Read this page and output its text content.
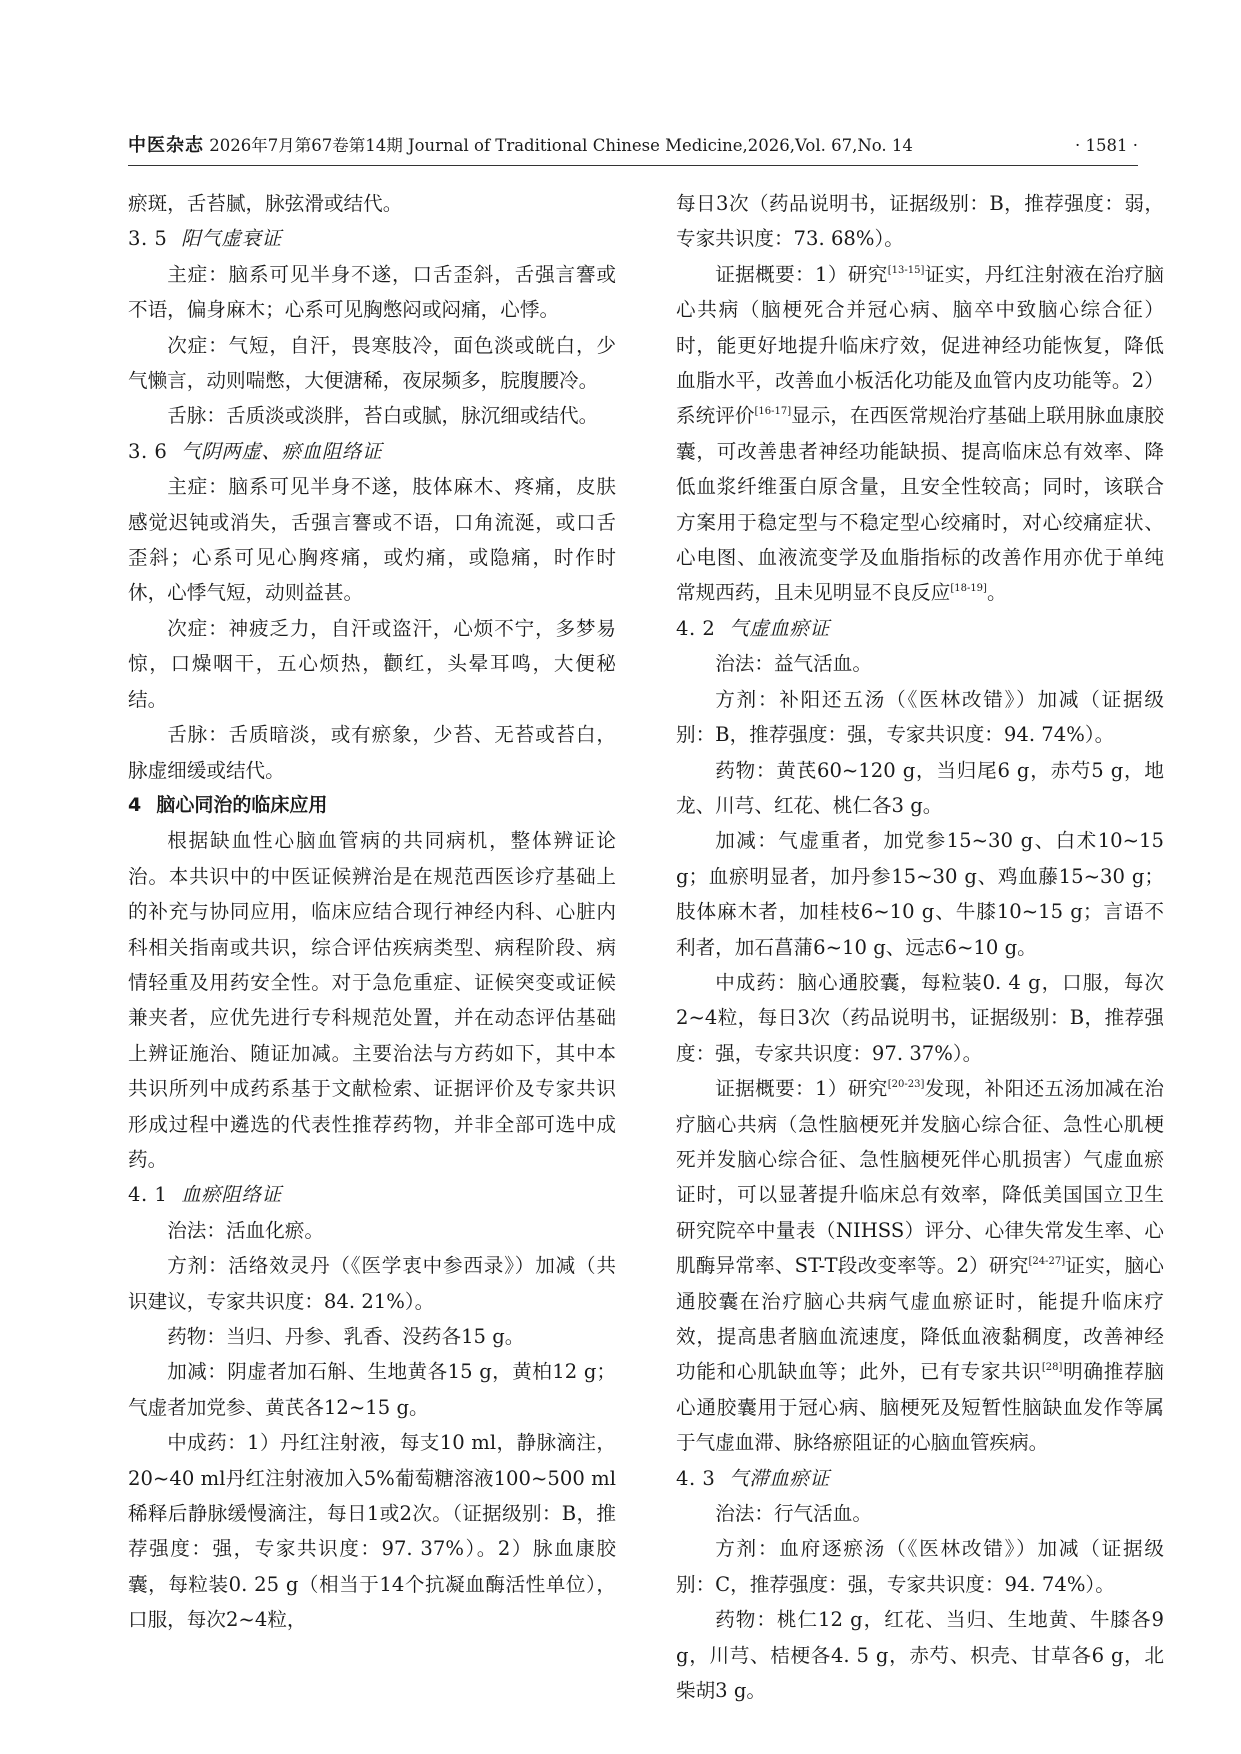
中医杂志 2026年7月第67卷第14期 Journal of Traditional Chinese Medicine,2026,Vol. 67,No. 14	· 1581 ·

瘀斑，舌苔腻，脉弦滑或结代。

3. 5 阳气虚衰证

主症：脑系可见半身不遂，口舌歪斜，舌强言謇或不语，偏身麻木；心系可见胸憋闷或闷痛，心悸。

次症：气短，自汗，畏寒肢冷，面色淡或㿠白，少气懒言，动则喘憋，大便溏稀，夜尿频多，脘腹腰冷。

舌脉：舌质淡或淡胖，苔白或腻，脉沉细或结代。

3. 6 气阴两虚、瘀血阻络证

主症：脑系可见半身不遂，肢体麻木、疼痛，皮肤感觉迟钝或消失，舌强言謇或不语，口角流涎，或口舌歪斜；心系可见心胸疼痛，或灼痛，或隐痛，时作时休，心悸气短，动则益甚。

次症：神疲乏力，自汗或盗汗，心烦不宁，多梦易惊，口燥咽干，五心烦热，颧红，头晕耳鸣，大便秘结。

舌脉：舌质暗淡，或有瘀象，少苔、无苔或苔白，脉虚细缓或结代。

4 脑心同治的临床应用

根据缺血性心脑血管病的共同病机，整体辨证论治。本共识中的中医证候辨治是在规范西医诊疗基础上的补充与协同应用，临床应结合现行神经内科、心脏内科相关指南或共识，综合评估疾病类型、病程阶段、病情轻重及用药安全性。对于急危重症、证候突变或证候兼夹者，应优先进行专科规范处置，并在动态评估基础上辨证施治、随证加减。主要治法与方药如下，其中本共识所列中成药系基于文献检索、证据评价及专家共识形成过程中遴选的代表性推荐药物，并非全部可选中成药。

4. 1 血瘀阻络证

治法：活血化瘀。

方剂：活络效灵丹（《医学衷中参西录》）加减（共识建议，专家共识度：84. 21%）。

药物：当归、丹参、乳香、没药各15 g。

加减：阴虚者加石斛、生地黄各15 g，黄柏12 g；气虚者加党参、黄芪各12~15 g。

中成药：1）丹红注射液，每支10 ml，静脉滴注，20~40 ml丹红注射液加入5%葡萄糖溶液100~500 ml稀释后静脉缓慢滴注，每日1或2次。（证据级别：B，推荐强度：强，专家共识度：97. 37%）。2）脉血康胶囊，每粒装0. 25 g（相当于14个抗凝血酶活性单位），口服，每次2~4粒，

每日3次（药品说明书，证据级别：B，推荐强度：弱，专家共识度：73. 68%）。

证据概要：1）研究[13-15]证实，丹红注射液在治疗脑心共病（脑梗死合并冠心病、脑卒中致脑心综合征）时，能更好地提升临床疗效，促进神经功能恢复，降低血脂水平，改善血小板活化功能及血管内皮功能等。2）系统评价[16-17]显示，在西医常规治疗基础上联用脉血康胶囊，可改善患者神经功能缺损、提高临床总有效率、降低血浆纤维蛋白原含量，且安全性较高；同时，该联合方案用于稳定型与不稳定型心绞痛时，对心绞痛症状、心电图、血液流变学及血脂指标的改善作用亦优于单纯常规西药，且未见明显不良反应[18-19]。

4. 2 气虚血瘀证

治法：益气活血。

方剂：补阳还五汤（《医林改错》）加减（证据级别：B，推荐强度：强，专家共识度：94. 74%）。

药物：黄芪60~120 g，当归尾6 g，赤芍5 g，地龙、川芎、红花、桃仁各3 g。

加减：气虚重者，加党参15~30 g、白术10~15 g；血瘀明显者，加丹参15~30 g、鸡血藤15~30 g；肢体麻木者，加桂枝6~10 g、牛膝10~15 g；言语不利者，加石菖蒲6~10 g、远志6~10 g。

中成药：脑心通胶囊，每粒装0. 4 g，口服，每次2~4粒，每日3次（药品说明书，证据级别：B，推荐强度：强，专家共识度：97. 37%）。

证据概要：1）研究[20-23]发现，补阳还五汤加减在治疗脑心共病（急性脑梗死并发脑心综合征、急性心肌梗死并发脑心综合征、急性脑梗死伴心肌损害）气虚血瘀证时，可以显著提升临床总有效率，降低美国国立卫生研究院卒中量表（NIHSS）评分、心律失常发生率、心肌酶异常率、ST-T段改变率等。2）研究[24-27]证实，脑心通胶囊在治疗脑心共病气虚血瘀证时，能提升临床疗效，提高患者脑血流速度，降低血液黏稠度，改善神经功能和心肌缺血等；此外，已有专家共识[28]明确推荐脑心通胶囊用于冠心病、脑梗死及短暂性脑缺血发作等属于气虚血滞、脉络瘀阻证的心脑血管疾病。

4. 3 气滞血瘀证

治法：行气活血。

方剂：血府逐瘀汤（《医林改错》）加减（证据级别：C，推荐强度：强，专家共识度：94. 74%）。

药物：桃仁12 g，红花、当归、生地黄、牛膝各9 g，川芎、桔梗各4. 5 g，赤芍、枳壳、甘草各6 g，北柴胡3 g。
